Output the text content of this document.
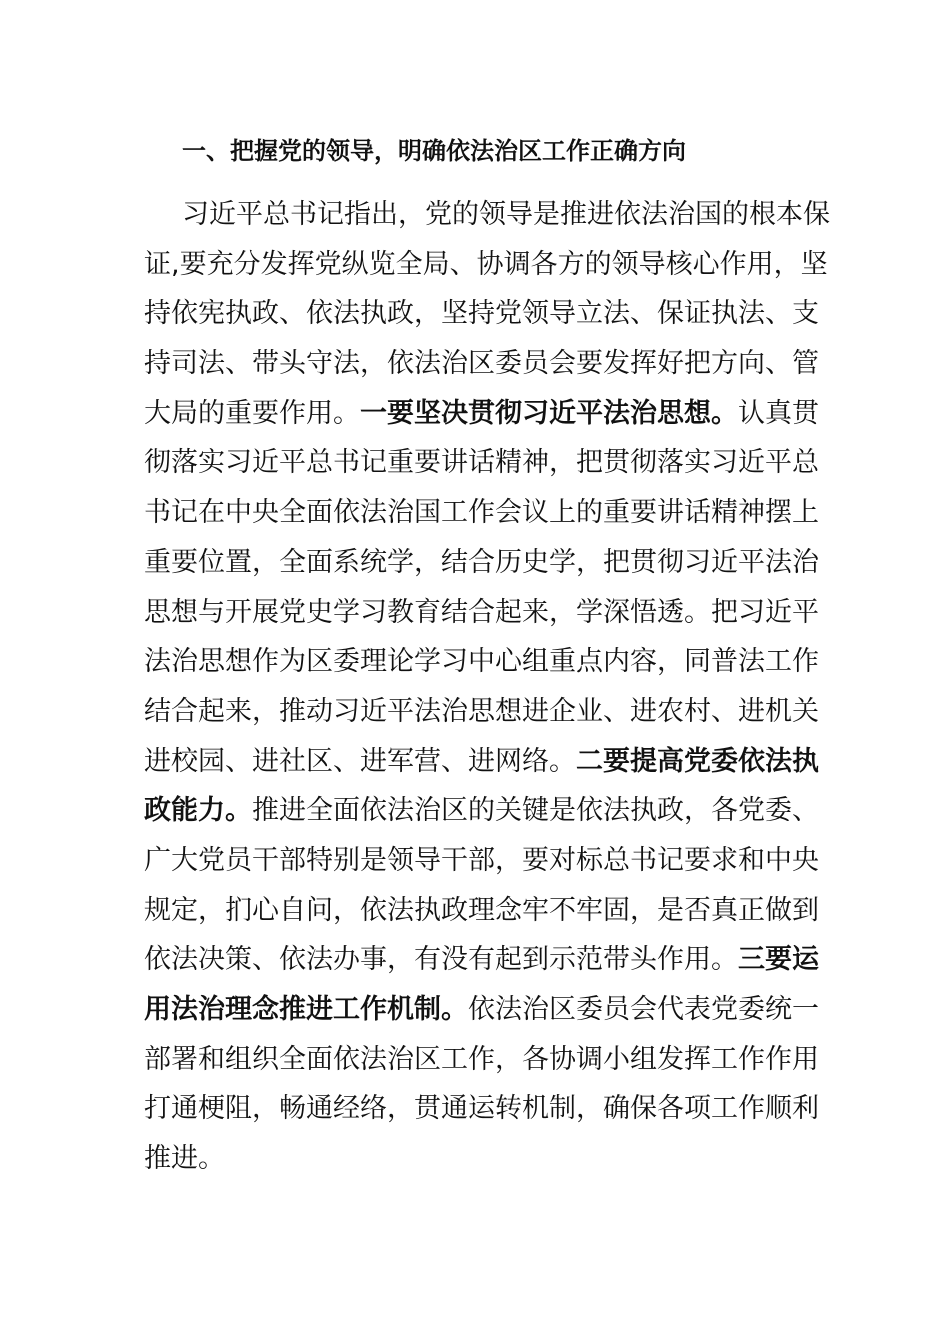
一、把握党的领导，明确依法治区工作正确方向
习近平总书记指出，党的领导是推进依法治国的根本保
证,要充分发挥党纵览全局、协调各方的领导核心作用，坚
持依宪执政、依法执政，坚持党领导立法、保证执法、支
持司法、带头守法，依法治区委员会要发挥好把方向、管
大局的重要作用。一要坚决贯彻习近平法治思想。认真贯
彻落实习近平总书记重要讲话精神，把贯彻落实习近平总
书记在中央全面依法治国工作会议上的重要讲话精神摆上
重要位置，全面系统学，结合历史学，把贯彻习近平法治
思想与开展党史学习教育结合起来，学深悟透。把习近平
法治思想作为区委理论学习中心组重点内容，同普法工作
结合起来，推动习近平法治思想进企业、进农村、进机关
进校园、进社区、进军营、进网络。二要提高党委依法执
政能力。推进全面依法治区的关键是依法执政，各党委、
广大党员干部特别是领导干部，要对标总书记要求和中央
规定，扪心自问，依法执政理念牢不牢固，是否真正做到
依法决策、依法办事，有没有起到示范带头作用。三要运
用法治理念推进工作机制。依法治区委员会代表党委统一
部署和组织全面依法治区工作，各协调小组发挥工作作用
打通梗阻，畅通经络，贯通运转机制，确保各项工作顺利
推进。
